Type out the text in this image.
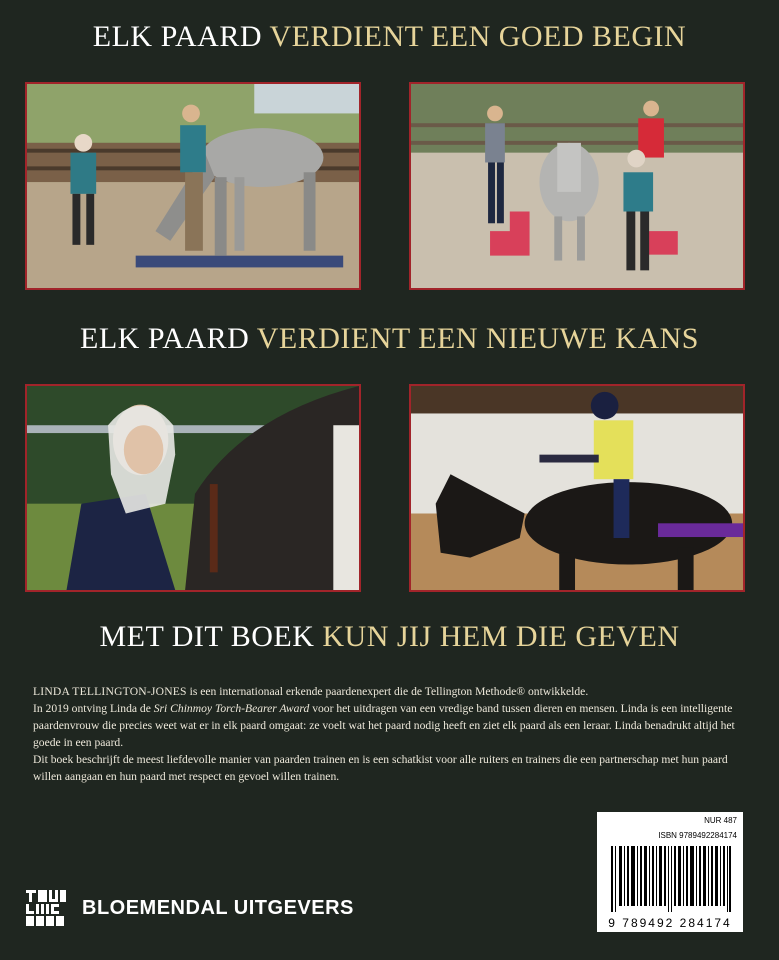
ELK PAARD VERDIENT EEN GOED BEGIN
ELK PAARD VERDIENT EEN NIEUWE KANS
MET DIT BOEK KUN JIJ HEM DIE GEVEN

LINDA TELLINGTON-JONES is een internationaal erkende paardenexpert die de Tellington Methode® ontwikkelde.

In 2019 ontving Linda de Sri Chinmoy Torch-Bearer Award voor het uitdragen van een vredige band tussen dieren en mensen. Linda is een intelligente paardenvrouw die precies weet wat er in elk paard omgaat: ze voelt wat het paard nodig heeft en ziet elk paard als een leraar. Linda benadrukt altijd het goede in een paard.

Dit boek beschrijft de meest liefdevolle manier van paarden trainen en is een schatkist voor alle ruiters en trainers die een partnerschap met hun paard willen aangaan en hun paard met respect en gevoel willen trainen.

NUR 487
ISBN 9789492284174
9 789492 284174
BLOEMENDAL UITGEVERS
